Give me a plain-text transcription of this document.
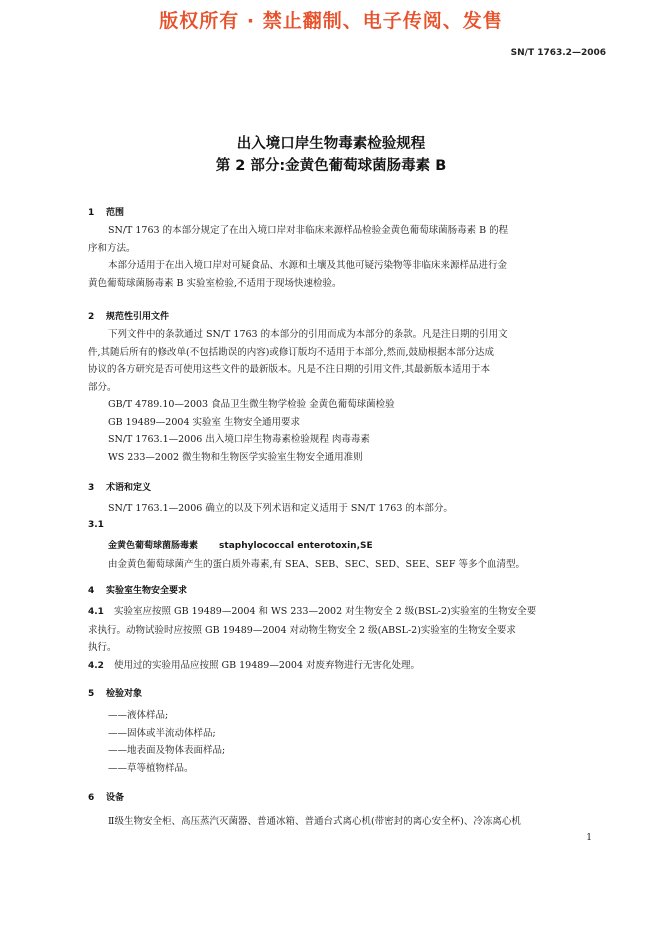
版权所有 · 禁止翻制、电子传阅、发售
SN/T 1763.2—2006
出入境口岸生物毒素检验规程
第 2 部分:金黄色葡萄球菌肠毒素 B
1 范围
SN/T 1763 的本部分规定了在出入境口岸对非临床来源样品检验金黄色葡萄球菌肠毒素 B 的程
序和方法。
本部分适用于在出入境口岸对可疑食品、水源和土壤及其他可疑污染物等非临床来源样品进行金
黄色葡萄球菌肠毒素 B 实验室检验,不适用于现场快速检验。
2 规范性引用文件
下列文件中的条款通过 SN/T 1763 的本部分的引用而成为本部分的条款。凡是注日期的引用文
件,其随后所有的修改单(不包括勘误的内容)或修订版均不适用于本部分,然而,鼓励根据本部分达成
协议的各方研究是否可使用这些文件的最新版本。凡是不注日期的引用文件,其最新版本适用于本
部分。
GB/T 4789.10—2003 食品卫生微生物学检验 金黄色葡萄球菌检验
GB 19489—2004 实验室 生物安全通用要求
SN/T 1763.1—2006 出入境口岸生物毒素检验规程 肉毒毒素
WS 233—2002 微生物和生物医学实验室生物安全通用准则
3 术语和定义
SN/T 1763.1—2006 确立的以及下列术语和定义适用于 SN/T 1763 的本部分。
3.1
金黄色葡萄球菌肠毒素 staphylococcal enterotoxin,SE
由金黄色葡萄球菌产生的蛋白质外毒素,有 SEA、SEB、SEC、SED、SEE、SEF 等多个血清型。
4 实验室生物安全要求
4.1 实验室应按照 GB 19489—2004 和 WS 233—2002 对生物安全 2 级(BSL-2)实验室的生物安全要
求执行。动物试验时应按照 GB 19489—2004 对动物生物安全 2 级(ABSL-2)实验室的生物安全要求
执行。
4.2 使用过的实验用品应按照 GB 19489—2004 对废弃物进行无害化处理。
5 检验对象
——液体样品;
——固体或半流动体样品;
——地表面及物体表面样品;
——草等植物样品。
6 设备
Ⅱ级生物安全柜、高压蒸汽灭菌器、普通冰箱、普通台式离心机(带密封的离心安全杯)、冷冻离心机
1
